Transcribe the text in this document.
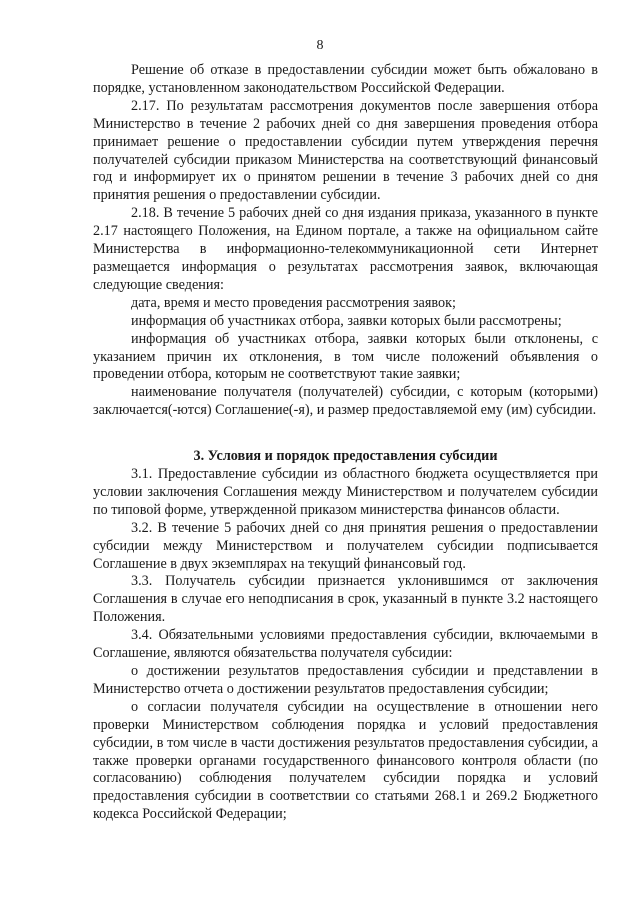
8

Решение об отказе в предоставлении субсидии может быть обжаловано в порядке, установленном законодательством Российской Федерации.

2.17. По результатам рассмотрения документов после завершения отбора Министерство в течение 2 рабочих дней со дня завершения проведения отбора принимает решение о предоставлении субсидии путем утверждения перечня получателей субсидии приказом Министерства на соответствующий финансовый год и информирует их о принятом решении в течение 3 рабочих дней со дня принятия решения о предоставлении субсидии.

2.18. В течение 5 рабочих дней со дня издания приказа, указанного в пункте 2.17 настоящего Положения, на Едином портале, а также на официальном сайте Министерства в информационно-телекоммуникационной сети Интернет размещается информация о результатах рассмотрения заявок, включающая следующие сведения:

дата, время и место проведения рассмотрения заявок;

информация об участниках отбора, заявки которых были рассмотрены;

информация об участниках отбора, заявки которых были отклонены, с указанием причин их отклонения, в том числе положений объявления о проведении отбора, которым не соответствуют такие заявки;

наименование получателя (получателей) субсидии, с которым (которыми) заключается(-ются) Соглашение(-я), и размер предоставляемой ему (им) субсидии.

3. Условия и порядок предоставления субсидии

3.1. Предоставление субсидии из областного бюджета осуществляется при условии заключения Соглашения между Министерством и получателем субсидии по типовой форме, утвержденной приказом министерства финансов области.

3.2. В течение 5 рабочих дней со дня принятия решения о предоставлении субсидии между Министерством и получателем субсидии подписывается Соглашение в двух экземплярах на текущий финансовый год.

3.3. Получатель субсидии признается уклонившимся от заключения Соглашения в случае его неподписания в срок, указанный в пункте 3.2 настоящего Положения.

3.4. Обязательными условиями предоставления субсидии, включаемыми в Соглашение, являются обязательства получателя субсидии:

о достижении результатов предоставления субсидии и представлении в Министерство отчета о достижении результатов предоставления субсидии;

о согласии получателя субсидии на осуществление в отношении него проверки Министерством соблюдения порядка и условий предоставления субсидии, в том числе в части достижения результатов предоставления субсидии, а также проверки органами государственного финансового контроля области (по согласованию) соблюдения получателем субсидии порядка и условий предоставления субсидии в соответствии со статьями 268.1 и 269.2 Бюджетного кодекса Российской Федерации;
